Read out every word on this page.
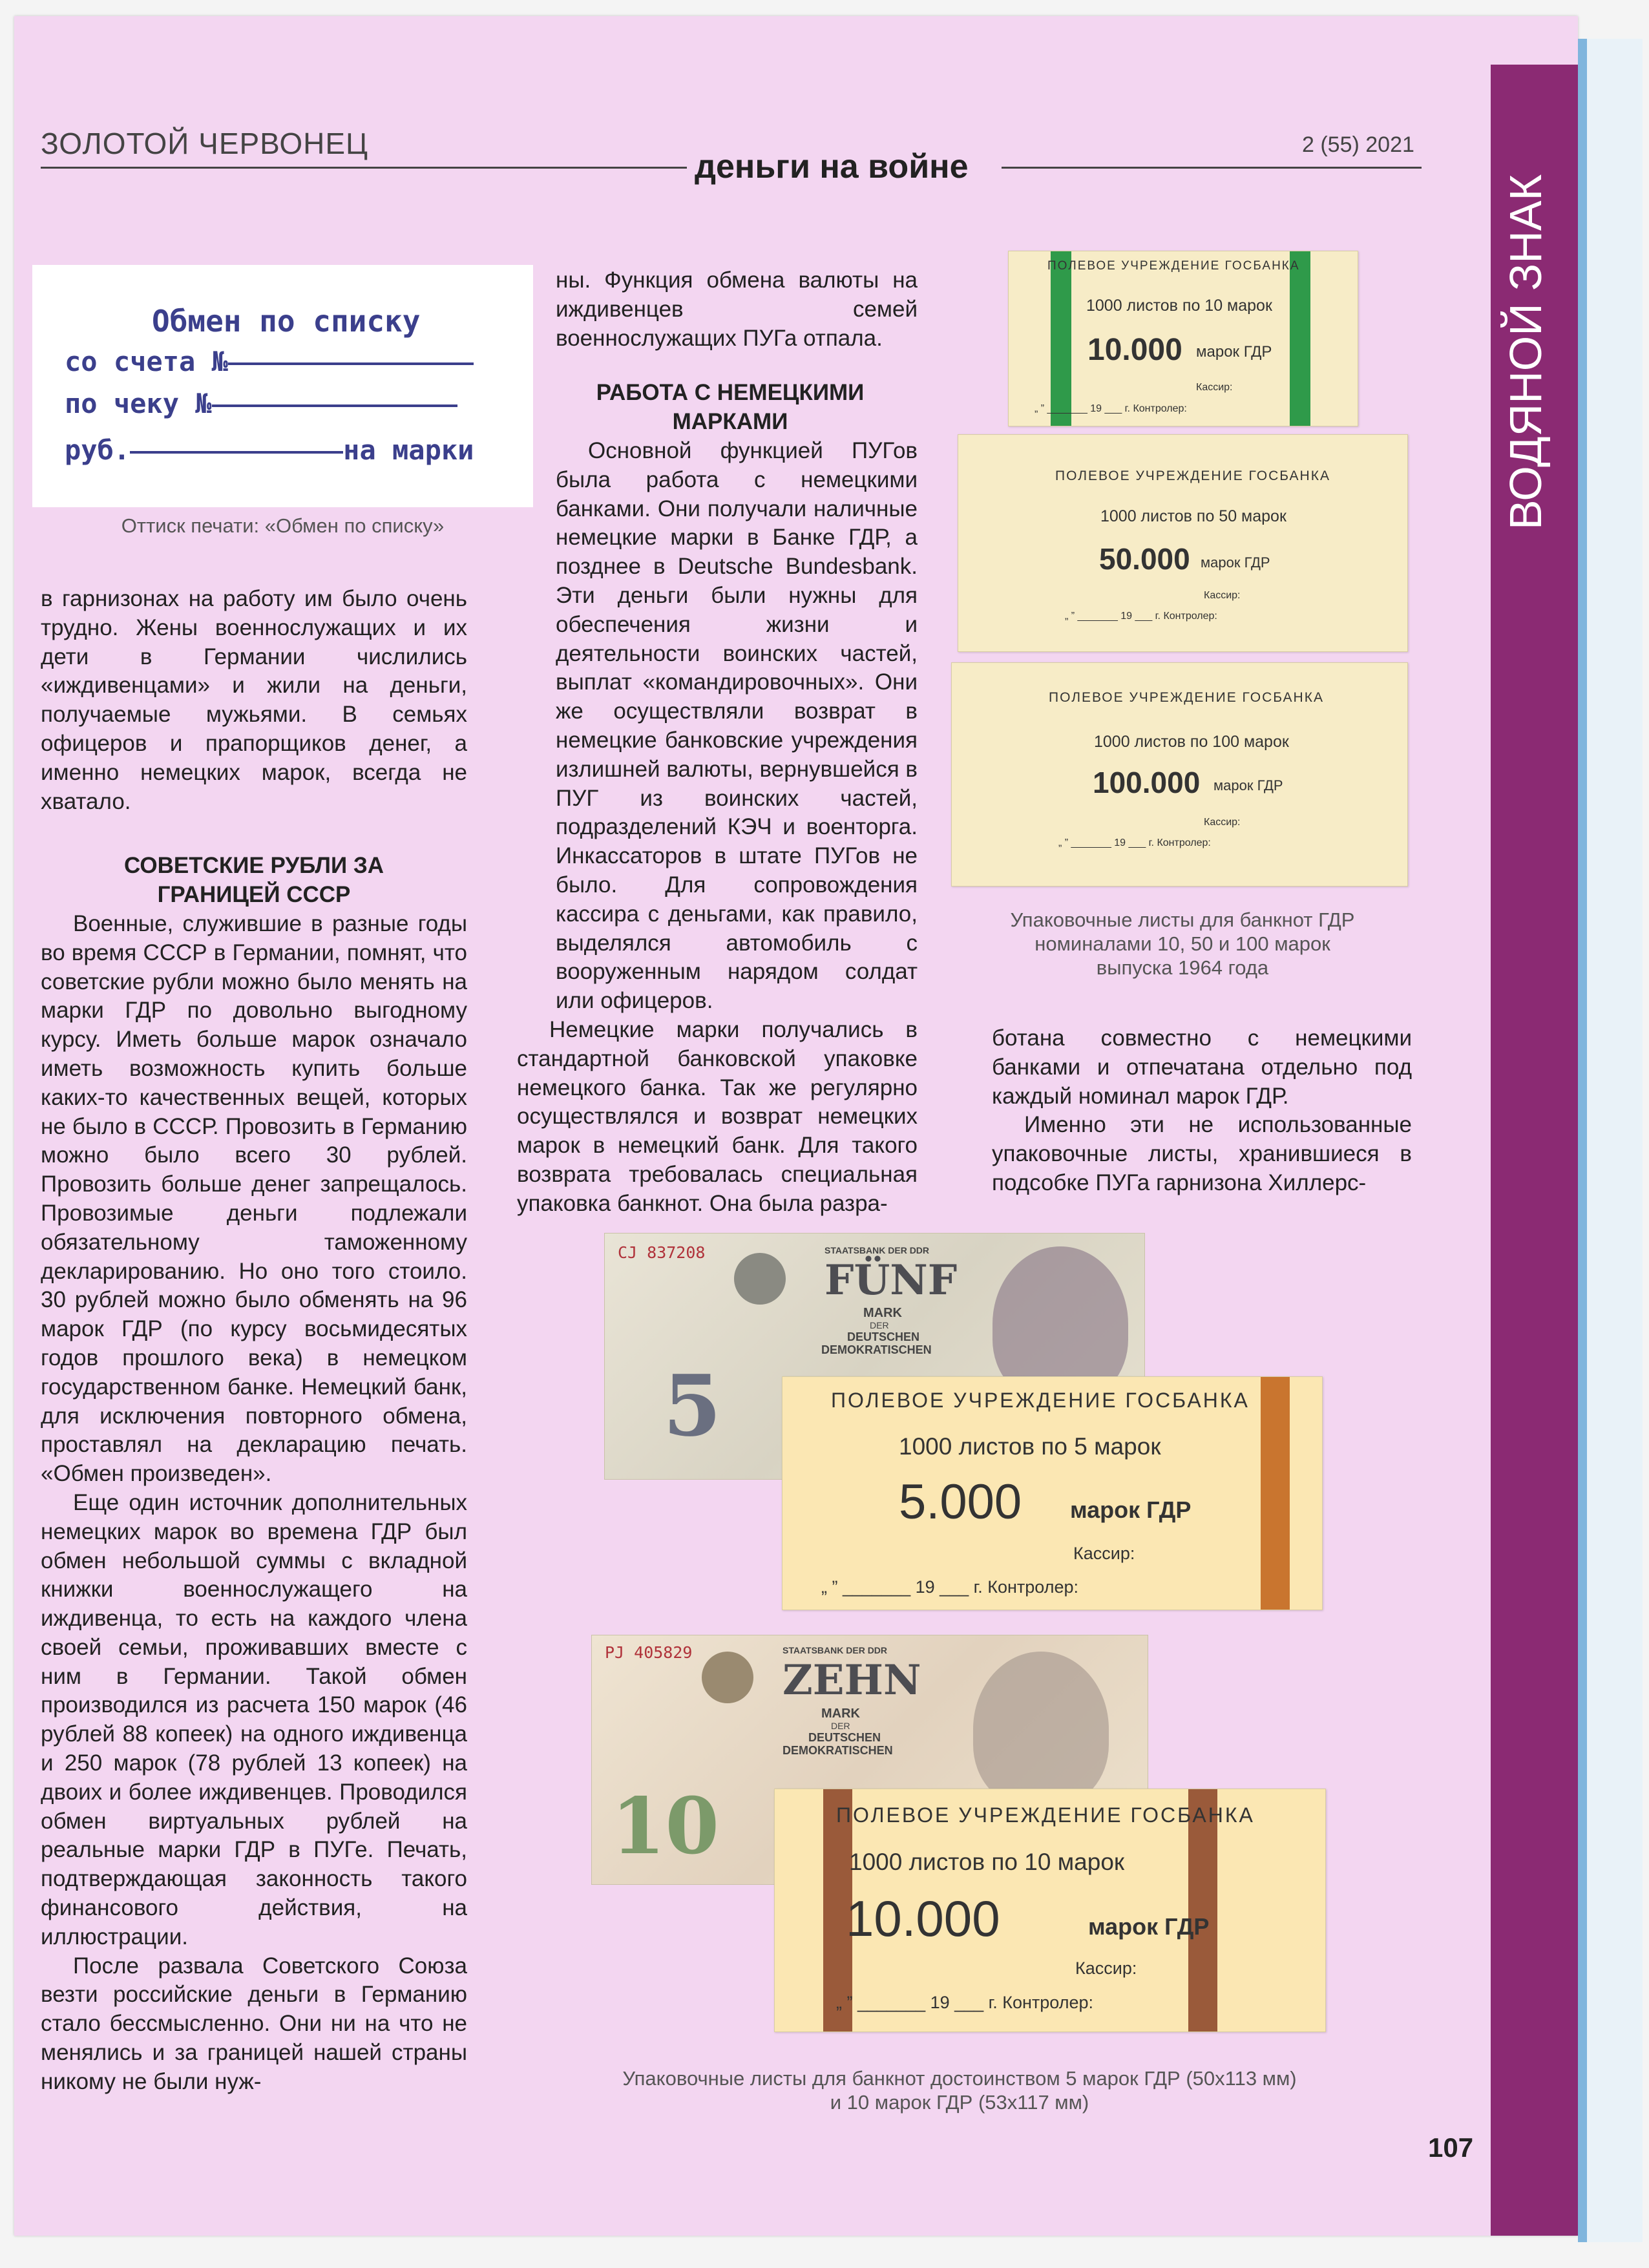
ВОДЯНОЙ ЗНАК
ЗОЛОТОЙ ЧЕРВОНЕЦ	2 (55) 2021
деньги на войне
Обмен по списку
со счета №
по чеку №
руб.	на марки
Оттиск печати: «Обмен по списку»

в гарнизонах на работу им было очень трудно. Жены военнослужащих и их дети в Германии числились «иждивенцами» и жили на деньги, получаемые мужьями. В семьях офицеров и прапорщиков денег, а именно немецких марок, всегда не хватало.

СОВЕТСКИЕ РУБЛИ ЗА ГРАНИЦЕЙ СССР

Военные, служившие в разные годы во время СССР в Германии, помнят, что советские рубли можно было менять на марки ГДР по довольно выгодному курсу. Иметь больше марок означало иметь возможность купить больше каких-то качественных вещей, которых не было в СССР. Провозить в Германию можно было всего 30 рублей. Провозить больше денег запрещалось. Провозимые деньги подлежали обязательному таможенному декларированию. Но оно того стоило. 30 рублей можно было обменять на 96 марок ГДР (по курсу восьмидесятых годов прошлого века) в немецком государственном банке. Немецкий банк, для исключения повторного обмена, проставлял на декларацию печать. «Обмен произведен».

Еще один источник дополнительных немецких марок во времена ГДР был обмен небольшой суммы с вкладной книжки военнослужащего на иждивенца, то есть на каждого члена своей семьи, проживавших вместе с ним в Германии. Такой обмен производился из расчета 150 марок (46 рублей 88 копеек) на одного иждивенца и 250 марок (78 рублей 13 копеек) на двоих и более иждивенцев. Проводился обмен виртуальных рублей на реальные марки ГДР в ПУГе. Печать, подтверждающая законность такого финансового действия, на иллюстрации.

После развала Советского Союза везти российские деньги в Германию стало бессмысленно. Они ни на что не менялись и за границей нашей страны никому не были нуж-

ны. Функция обмена валюты на иждивенцев семей военнослужащих ПУГа отпала.

РАБОТА С НЕМЕЦКИМИ МАРКАМИ

Основной функцией ПУГов была работа с немецкими банками. Они получали наличные немецкие марки в Банке ГДР, а позднее в Deutsche Bundesbank. Эти деньги были нужны для обеспечения жизни и деятельности воинских частей, выплат «командировочных». Они же осуществляли возврат в немецкие банковские учреждения излишней валюты, вернувшейся в ПУГ из воинских частей, подразделений КЭЧ и военторга. Инкассаторов в штате ПУГов не было. Для сопровождения кассира с деньгами, как правило, выделялся автомобиль с вооруженным нарядом солдат или офицеров.

Немецкие марки получались в стандартной банковской упаковке немецкого банка. Так же регулярно осуществлялся и возврат немецких марок в немецкий банк. Для такого возврата требовалась специальная упаковка банкнот. Она была разра-

ботана совместно с немецкими банками и отпечатана отдельно под каждый номинал марок ГДР.

Именно эти не использованные упаковочные листы, хранившиеся в подсобке ПУГа гарнизона Хиллерс-

ПОЛЕВОЕ УЧРЕЖДЕНИЕ ГОСБАНКА
1000 листов по 10 марок
10.000 марок ГДР
Кассир:
„ ” _______ 19 ___ г. Контролер:
ПОЛЕВОЕ УЧРЕЖДЕНИЕ ГОСБАНКА
1000 листов по 50 марок
50.000 марок ГДР
Кассир:
„ ” _______ 19 ___ г. Контролер:
ПОЛЕВОЕ УЧРЕЖДЕНИЕ ГОСБАНКА
1000 листов по 100 марок
100.000 марок ГДР
Кассир:
„ ” _______ 19 ___ г. Контролер:
Упаковочные листы для банкнот ГДР
номиналами 10, 50 и 100 марок
выпуска 1964 года
CJ 837208	STAATSBANK DER DDR
FÜNF
MARK
DER
DEUTSCHEN
DEMOKRATISCHEN
5	ПОЛЕВОЕ УЧРЕЖДЕНИЕ ГОСБАНКА
1000 листов по 5 марок
5.000 марок ГДР
Кассир:
„ ” _______ 19 ___ г. Контролер:
PJ 405829	STAATSBANK DER DDR
ZEHN
MARK
DER
DEUTSCHEN
DEMOKRATISCHEN
10	ПОЛЕВОЕ УЧРЕЖДЕНИЕ ГОСБАНКА
1000 листов по 10 марок
10.000	марок ГДР
Кассир:
„ ” _______ 19 ___ г. Контролер:
Упаковочные листы для банкнот достоинством 5 марок ГДР (50х113 мм)
и 10 марок ГДР (53х117 мм)
107
